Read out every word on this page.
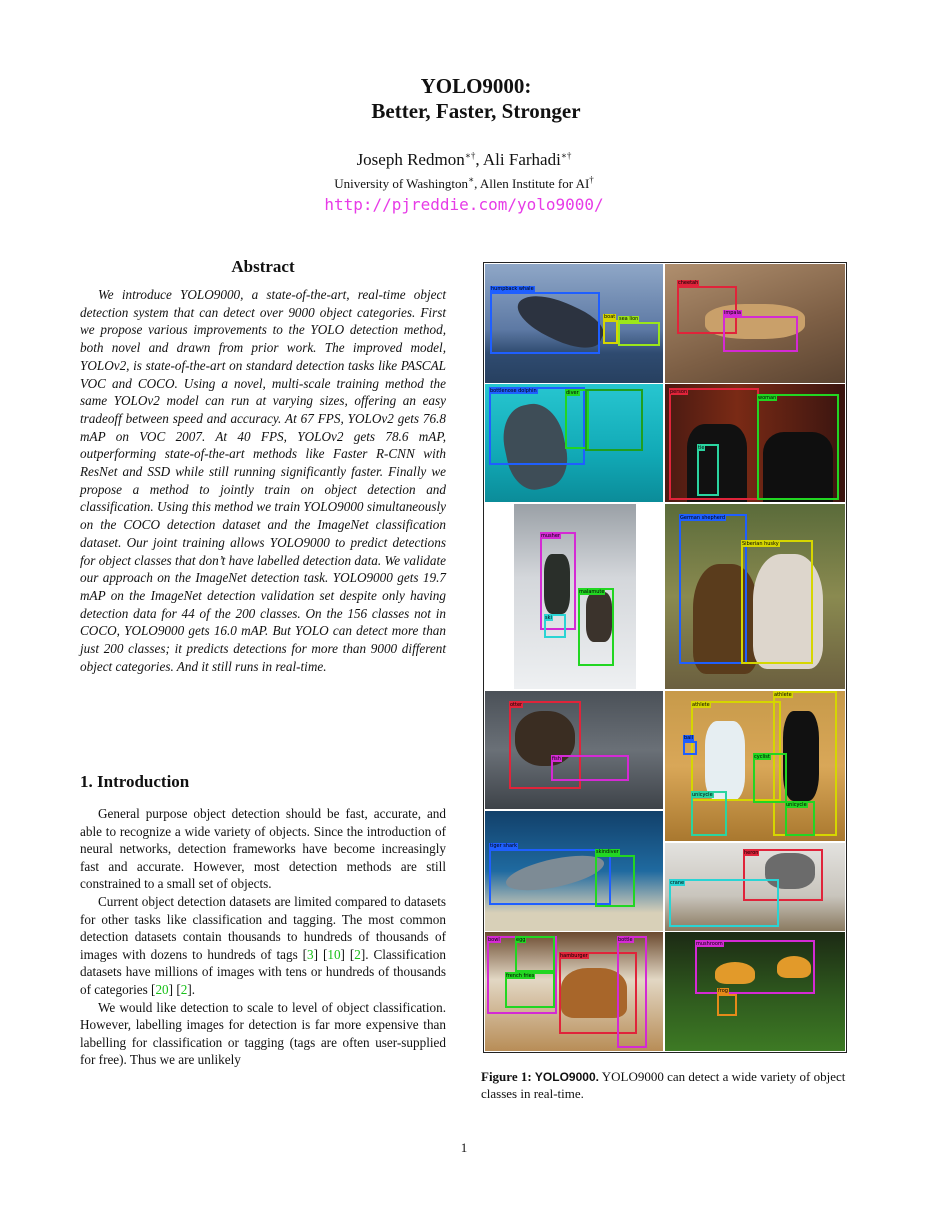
YOLO9000:
Better, Faster, Stronger
Joseph Redmon∗†, Ali Farhadi∗†
University of Washington∗, Allen Institute for AI†
http://pjreddie.com/yolo9000/
Abstract

We introduce YOLO9000, a state-of-the-art, real-time object detection system that can detect over 9000 object categories. First we propose various improvements to the YOLO detection method, both novel and drawn from prior work. The improved model, YOLOv2, is state-of-the-art on standard detection tasks like PASCAL VOC and COCO. Using a novel, multi-scale training method the same YOLOv2 model can run at varying sizes, offering an easy tradeoff between speed and accuracy. At 67 FPS, YOLOv2 gets 76.8 mAP on VOC 2007. At 40 FPS, YOLOv2 gets 78.6 mAP, outperforming state-of-the-art methods like Faster R-CNN with ResNet and SSD while still running significantly faster. Finally we propose a method to jointly train on object detection and classification. Using this method we train YOLO9000 simultaneously on the COCO detection dataset and the ImageNet classification dataset. Our joint training allows YOLO9000 to predict detections for object classes that don’t have labelled detection data. We validate our approach on the ImageNet detection task. YOLO9000 gets 19.7 mAP on the ImageNet detection validation set despite only having detection data for 44 of the 200 classes. On the 156 classes not in COCO, YOLO9000 gets 16.0 mAP. But YOLO can detect more than just 200 classes; it predicts detections for more than 9000 different object categories. And it still runs in real-time.

1. Introduction

General purpose object detection should be fast, accurate, and able to recognize a wide variety of objects. Since the introduction of neural networks, detection frameworks have become increasingly fast and accurate. However, most detection methods are still constrained to a small set of objects.

Current object detection datasets are limited compared to datasets for other tasks like classification and tagging. The most common detection datasets contain thousands to hundreds of thousands of images with dozens to hundreds of tags [3] [10] [2]. Classification datasets have millions of images with tens or hundreds of thousands of categories [20] [2].

We would like detection to scale to level of object classification. However, labelling images for detection is far more expensive than labelling for classification or tagging (tags are often user-supplied for free). Thus we are unlikely

humpback whale
boat sea lion
cheetah
impala
bottlenose dolphin	diver	person
woman
tie
musher
malamute
ski
German shepherd
Siberian husky
otter
fish
athlete
athlete
unicycle
unicycle
cyclist
ball
tiger shark
skindiver	heron
crane
hamburger
bowl	egg
french fries
bottle
mushroom
frog
Figure 1: YOLO9000. YOLO9000 can detect a wide variety of object classes in real-time.
1
